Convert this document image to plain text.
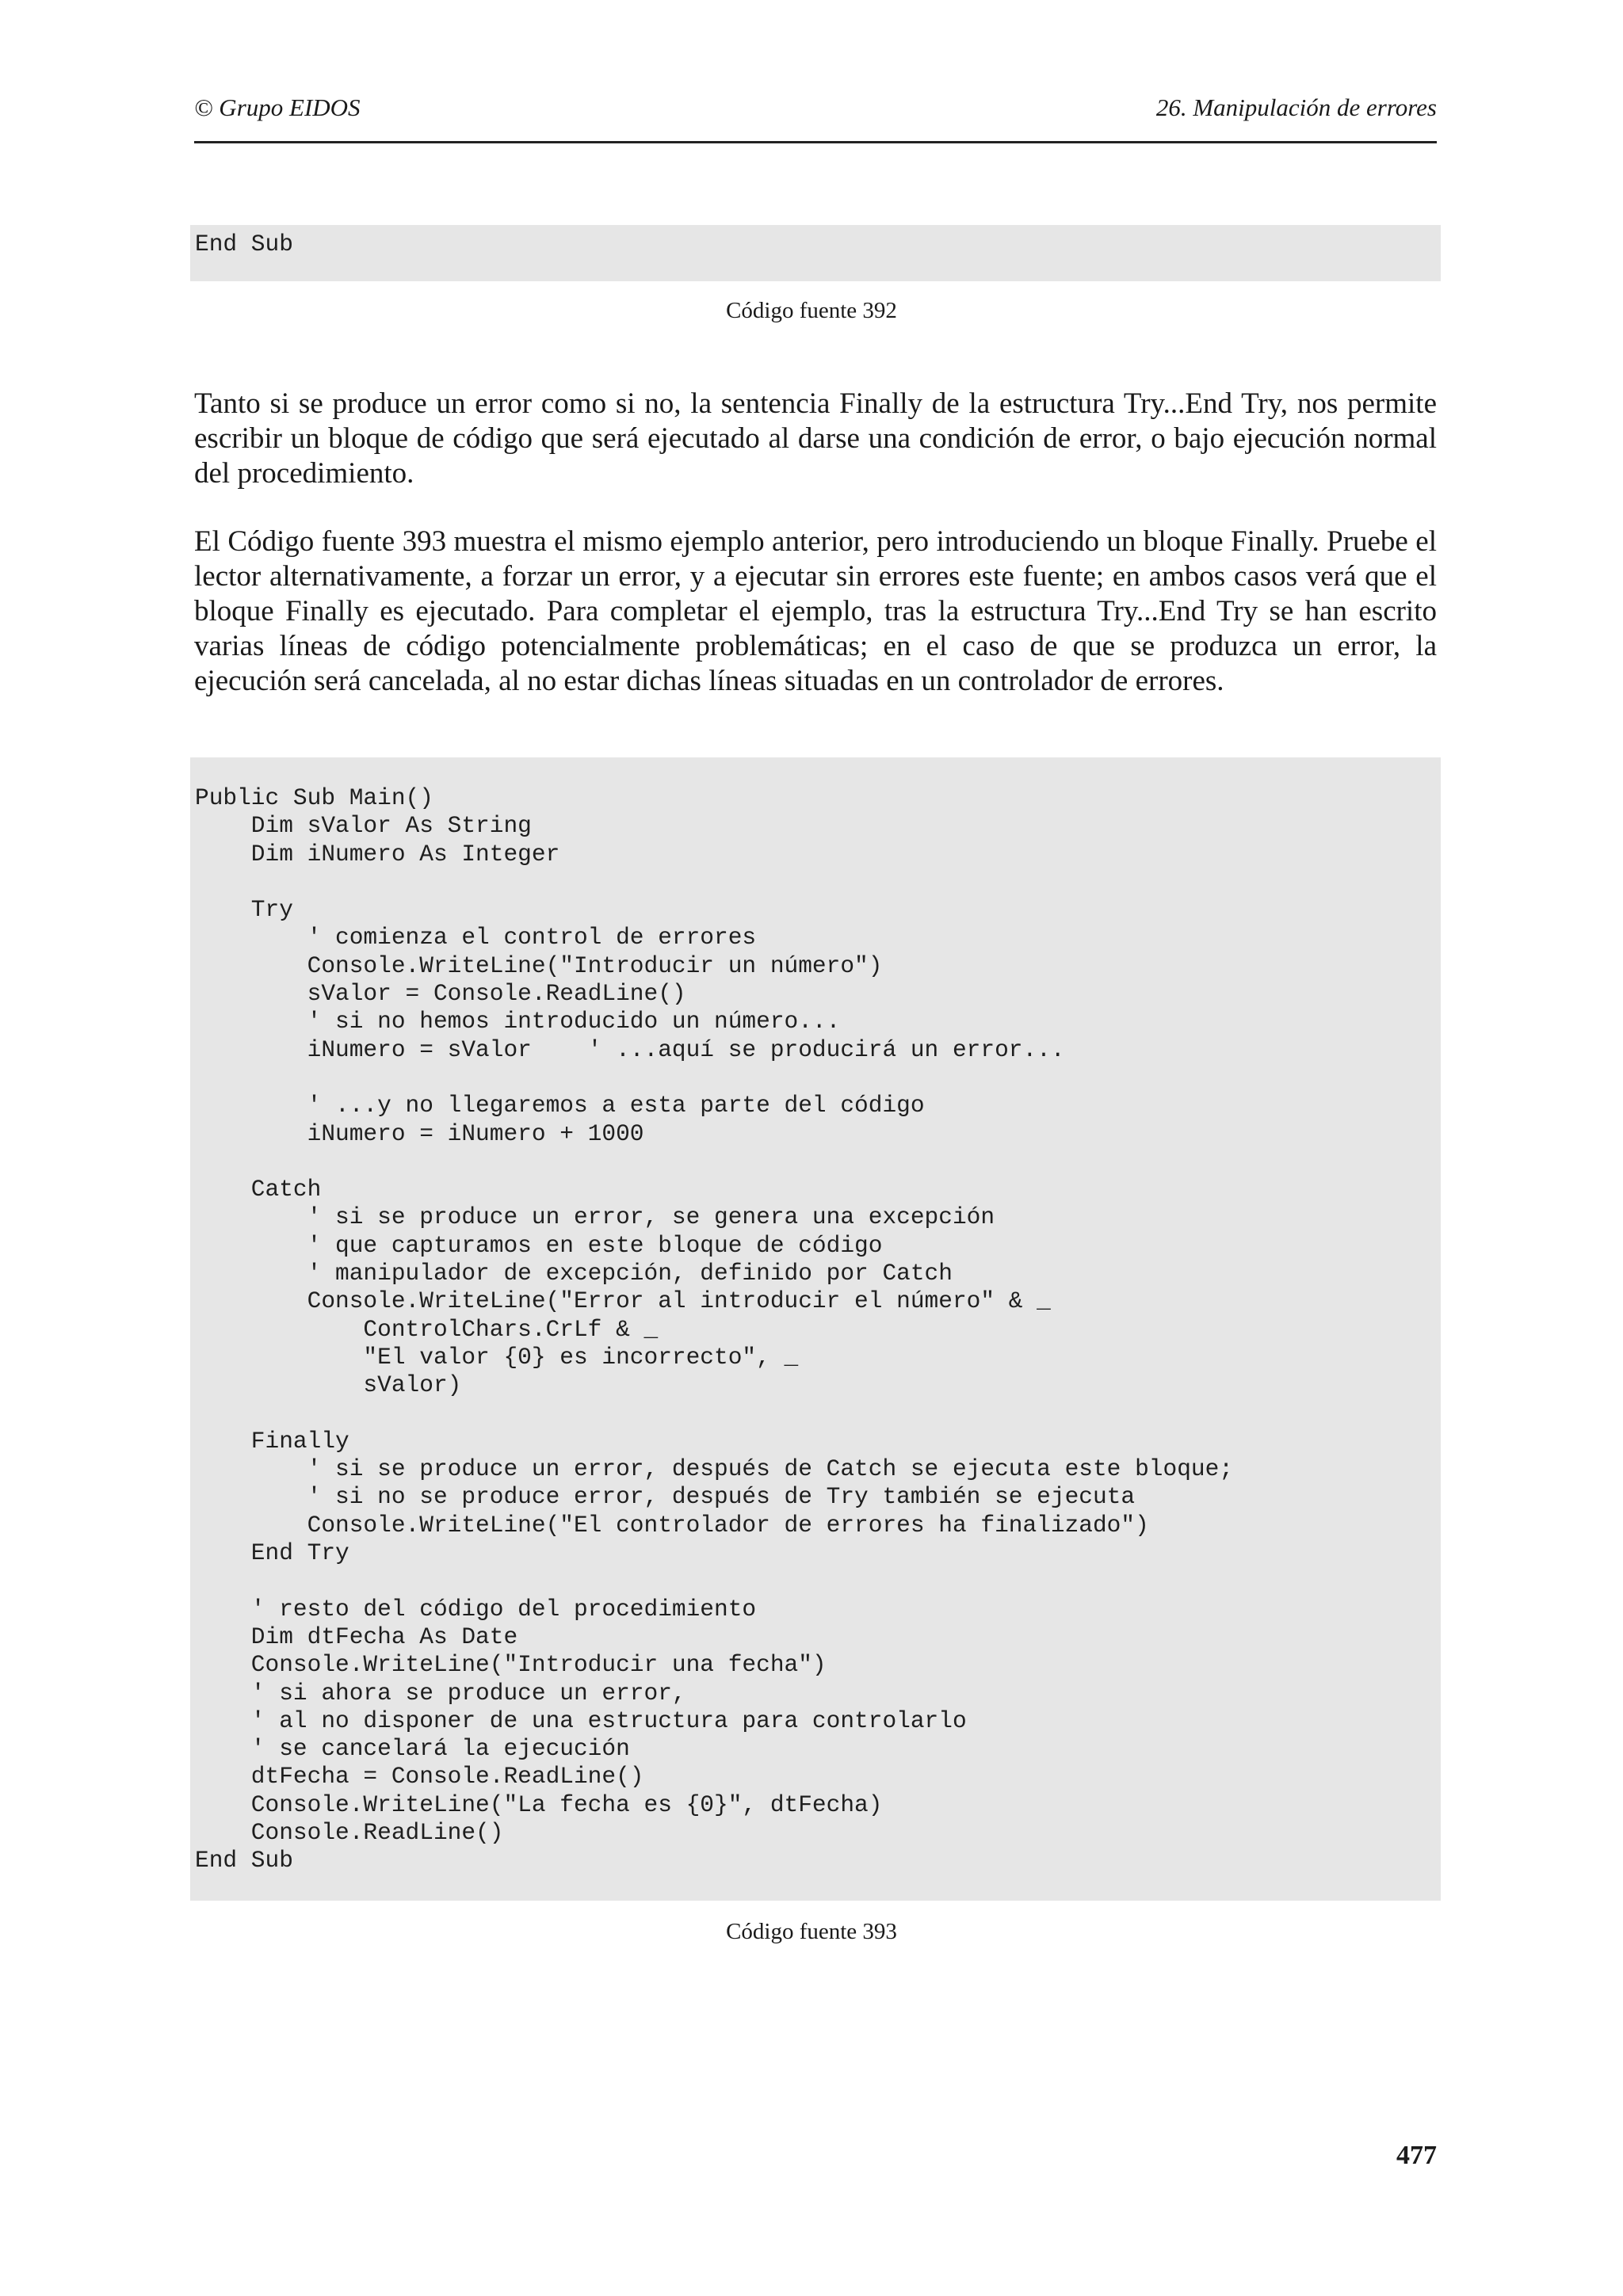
© Grupo EIDOS	26. Manipulación de errores
End Sub
Código fuente 392

Tanto si se produce un error como si no, la sentencia Finally de la estructura Try...End Try, nos permite escribir un bloque de código que será ejecutado al darse una condición de error, o bajo ejecución normal del procedimiento.

El Código fuente 393 muestra el mismo ejemplo anterior, pero introduciendo un bloque Finally. Pruebe el lector alternativamente, a forzar un error, y a ejecutar sin errores este fuente; en ambos casos verá que el bloque Finally es ejecutado. Para completar el ejemplo, tras la estructura Try...End Try se han escrito varias líneas de código potencialmente problemáticas; en el caso de que se produzca un error, la ejecución será cancelada, al no estar dichas líneas situadas en un controlador de errores.

Public Sub Main()
Dim sValor As String
Dim iNumero As Integer

Try
' comienza el control de errores
Console.WriteLine("Introducir un número")
sValor = Console.ReadLine()
' si no hemos introducido un número...
iNumero = sValor    ' ...aquí se producirá un error...

' ...y no llegaremos a esta parte del código
iNumero = iNumero + 1000

Catch
' si se produce un error, se genera una excepción
' que capturamos en este bloque de código
' manipulador de excepción, definido por Catch
Console.WriteLine("Error al introducir el número" & _
ControlChars.CrLf & _
"El valor {0} es incorrecto", _
sValor)

Finally
' si se produce un error, después de Catch se ejecuta este bloque;
' si no se produce error, después de Try también se ejecuta
Console.WriteLine("El controlador de errores ha finalizado")
End Try

' resto del código del procedimiento
Dim dtFecha As Date
Console.WriteLine("Introducir una fecha")
' si ahora se produce un error,
' al no disponer de una estructura para controlarlo
' se cancelará la ejecución
dtFecha = Console.ReadLine()
Console.WriteLine("La fecha es {0}", dtFecha)
Console.ReadLine()
End Sub
Código fuente 393
477
